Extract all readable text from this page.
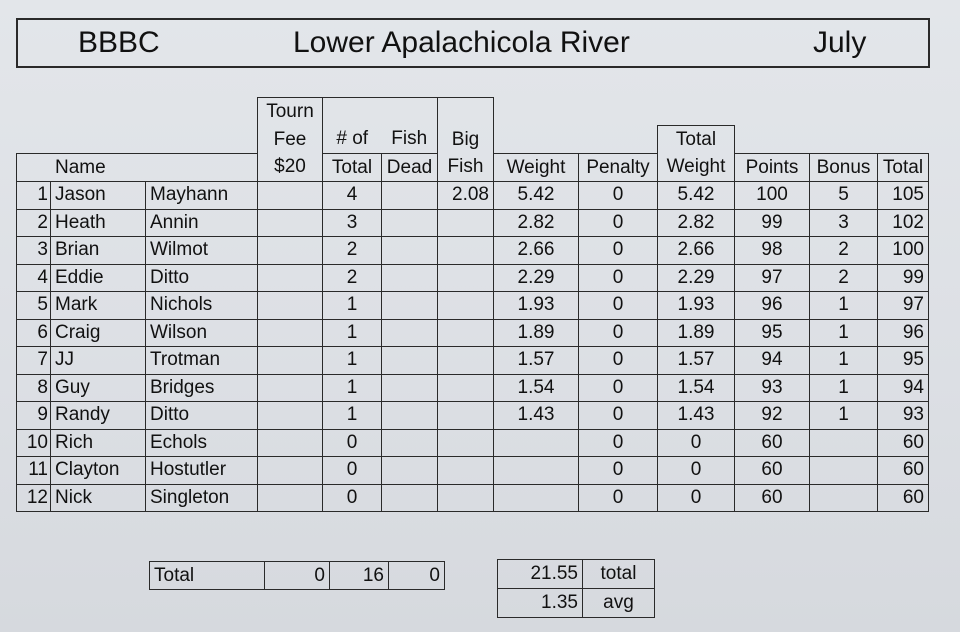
BBBC	Lower Apalachicola River	July
			Tourn									
			Fee	# of	Fish	Big			Total			
Name			$20	Total	Dead	Fish	Weight	Penalty	Weight	Points	Bonus	Total
1	Jason	Mayhann		4		2.08	5.42	0	5.42	100	5	105
2	Heath	Annin		3			2.82	0	2.82	99	3	102
3	Brian	Wilmot		2			2.66	0	2.66	98	2	100
4	Eddie	Ditto		2			2.29	0	2.29	97	2	99
5	Mark	Nichols		1			1.93	0	1.93	96	1	97
6	Craig	Wilson		1			1.89	0	1.89	95	1	96
7	JJ	Trotman		1			1.57	0	1.57	94	1	95
8	Guy	Bridges		1			1.54	0	1.54	93	1	94
9	Randy	Ditto		1			1.43	0	1.43	92	1	93
10	Rich	Echols		0				0	0	60		60
11	Clayton	Hostutler		0				0	0	60		60
12	Nick	Singleton		0				0	0	60		60
Total	0	16	0	21.55	total
1.35	avg
